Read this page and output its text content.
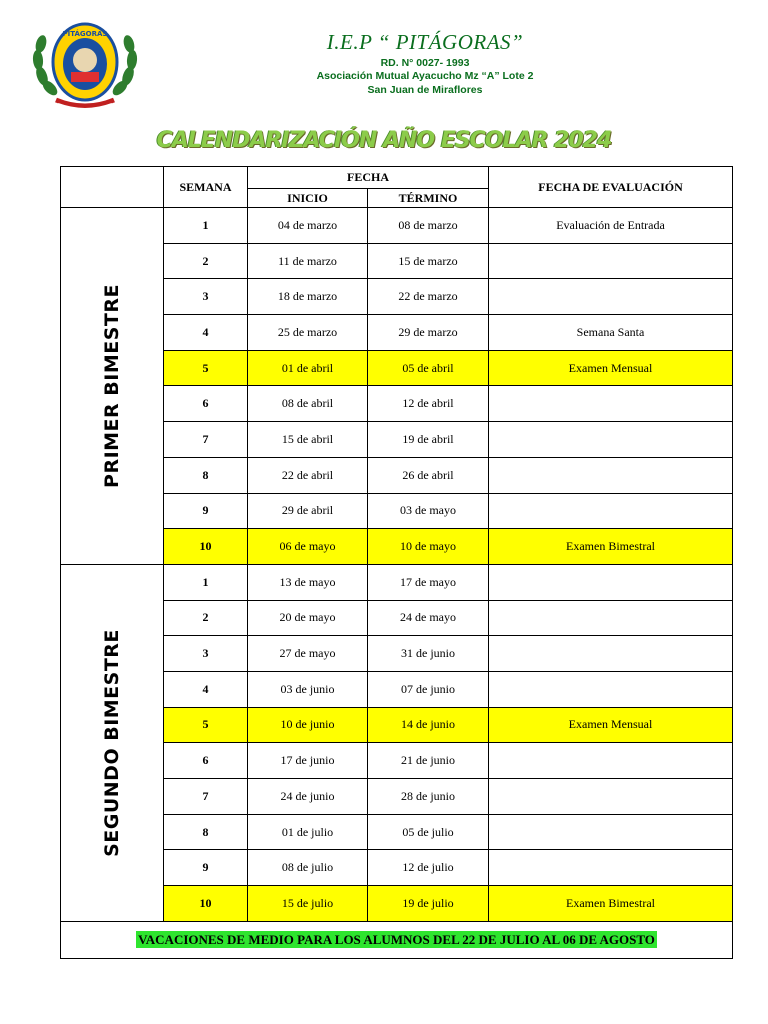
PITÁGORAS	I.E.P “ PITÁGORAS”
RD. N° 0027- 1993
Asociación Mutual Ayacucho Mz “A” Lote 2
San Juan de Miraflores
CALENDARIZACIÓN AÑO ESCOLAR 2024
	SEMANA	FECHA		FECHA DE EVALUACIÓN
		INICIO	TÉRMINO	

PRIMER BIMESTRE	1	04 de marzo	08 de marzo	Evaluación de Entrada
	2	11 de marzo	15 de marzo	
	3	18 de marzo	22 de marzo	
	4	25 de marzo	29 de marzo	Semana Santa
	5	01 de abril	05 de abril	Examen Mensual
	6	08 de abril	12 de abril	
	7	15 de abril	19 de abril	
	8	22 de abril	26 de abril	
	9	29 de abril	03 de mayo	
	10	06 de mayo	10 de mayo	Examen Bimestral

SEGUNDO BIMESTRE	1	13 de mayo	17 de mayo	
	2	20 de mayo	24 de mayo	
	3	27 de mayo	31 de junio	
	4	03 de junio	07 de junio	
	5	10 de junio	14 de junio	Examen Mensual
	6	17 de junio	21 de junio	
	7	24 de junio	28 de junio	
	8	01 de julio	05 de julio	
	9	08 de julio	12 de julio	
	10	15 de julio	19 de julio	Examen Bimestral
VACACIONES DE MEDIO PARA LOS ALUMNOS DEL 22 DE JULIO AL 06 DE AGOSTO				
